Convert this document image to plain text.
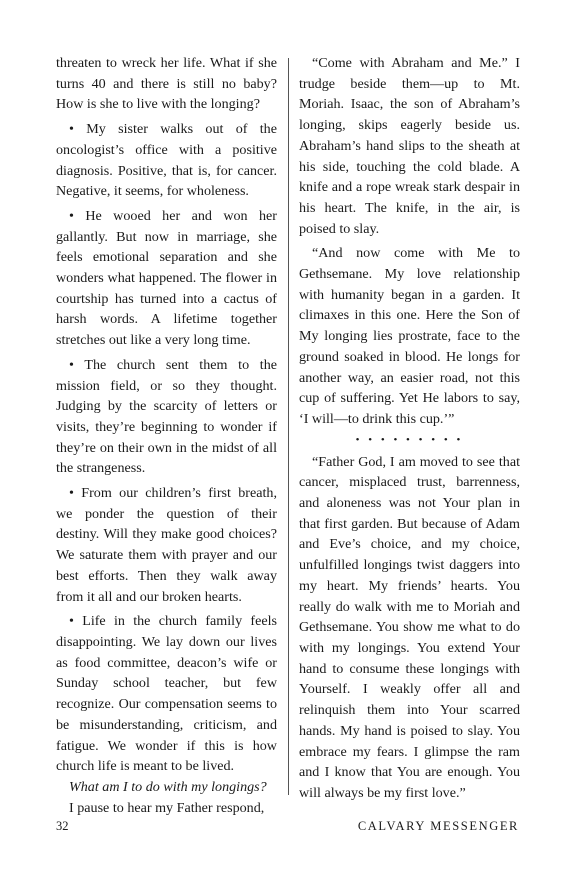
threaten to wreck her life. What if she turns 40 and there is still no baby? How is she to live with the longing?

• My sister walks out of the oncologist’s office with a positive diagnosis. Positive, that is, for cancer. Negative, it seems, for wholeness.

• He wooed her and won her gallantly. But now in marriage, she feels emotional separation and she wonders what happened. The flower in courtship has turned into a cactus of harsh words. A lifetime together stretches out like a very long time.

• The church sent them to the mission field, or so they thought. Judging by the scarcity of letters or visits, they’re beginning to wonder if they’re on their own in the midst of all the strangeness.

• From our children’s first breath, we ponder the question of their destiny. Will they make good choices? We saturate them with prayer and our best efforts. Then they walk away from it all and our broken hearts.

• Life in the church family feels disappointing. We lay down our lives as food committee, deacon’s wife or Sunday school teacher, but few recognize. Our compensation seems to be misunderstanding, criticism, and fatigue. We wonder if this is how church life is meant to be lived.

What am I to do with my longings?

I pause to hear my Father respond,

“Come with Abraham and Me.” I trudge beside them—up to Mt. Moriah. Isaac, the son of Abraham’s longing, skips eagerly beside us. Abraham’s hand slips to the sheath at his side, touching the cold blade. A knife and a rope wreak stark despair in his heart. The knife, in the air, is poised to slay.

“And now come with Me to Gethsemane. My love relationship with humanity began in a garden. It climaxes in this one. Here the Son of My longing lies prostrate, face to the ground soaked in blood. He longs for another way, an easier road, not this cup of suffering. Yet He labors to say, ‘I will—to drink this cup.’”

• • • • • • • • •

“Father God, I am moved to see that cancer, misplaced trust, barrenness, and aloneness was not Your plan in that first garden. But because of Adam and Eve’s choice, and my choice, unfulfilled longings twist daggers into my heart. My friends’ hearts. You really do walk with me to Moriah and Gethsemane. You show me what to do with my longings. You extend Your hand to consume these longings with Yourself. I weakly offer all and relinquish them into Your scarred hands. My hand is poised to slay. You embrace my fears. I glimpse the ram and I know that You are enough. You will always be my first love.”

32	CALVARY MESSENGER
